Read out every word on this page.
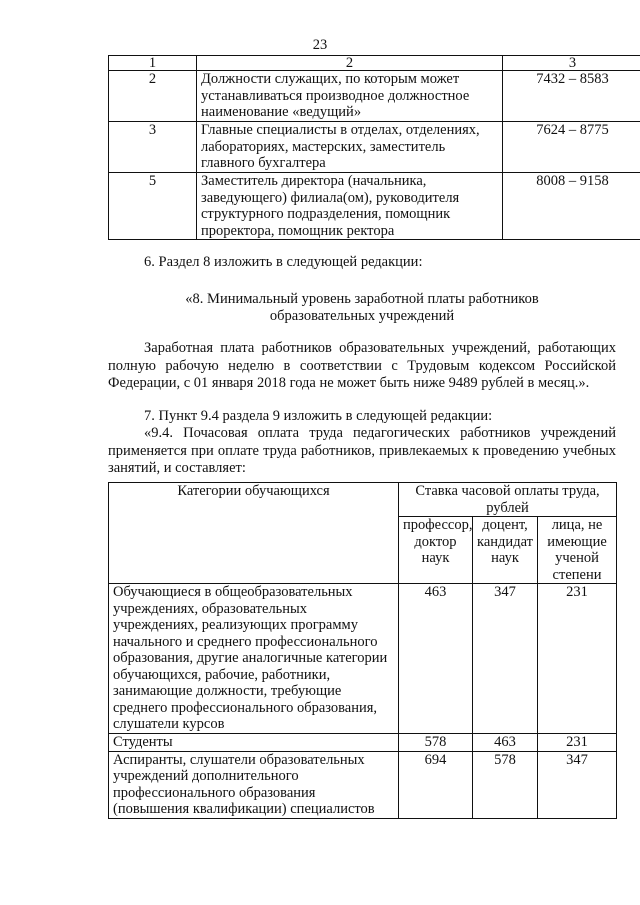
23
1	2	3
2	Должности служащих, по которым может устанавливаться производное должностное наименование «ведущий»	7432 – 8583
3	Главные специалисты в отделах, отделениях, лабораториях, мастерских, заместитель главного бухгалтера	7624 – 8775
5	Заместитель директора (начальника, заведующего) филиала(ом), руководителя структурного подразделения, помощник проректора, помощник ректора	8008 – 9158
6. Раздел 8 изложить в следующей редакции:
«8. Минимальный уровень заработной платы работников
образовательных учреждений
Заработная плата работников образовательных учреждений, работающих полную рабочую неделю в соответствии с Трудовым кодексом Российской Федерации, с 01 января 2018 года не может быть ниже 9489 рублей в месяц.».
7. Пункт 9.4 раздела 9 изложить в следующей редакции:
«9.4. Почасовая оплата труда педагогических работников учреждений применяется при оплате труда работников, привлекаемых к проведению учебных занятий, и составляет:
Категории обучающихся	Ставка часовой оплаты труда, рублей		
	профессор, доктор наук	доцент, кандидат наук	лица, не имеющие ученой степени
Обучающиеся в общеобразовательных учреждениях, образовательных учреждениях, реализующих программу начального и среднего профессионального образования, другие аналогичные категории обучающихся, рабочие, работники, занимающие должности, требующие среднего профессионального образования, слушатели курсов	463	347	231
Студенты	578	463	231
Аспиранты, слушатели образовательных учреждений дополнительного профессионального образования (повышения квалификации) специалистов	694	578	347
